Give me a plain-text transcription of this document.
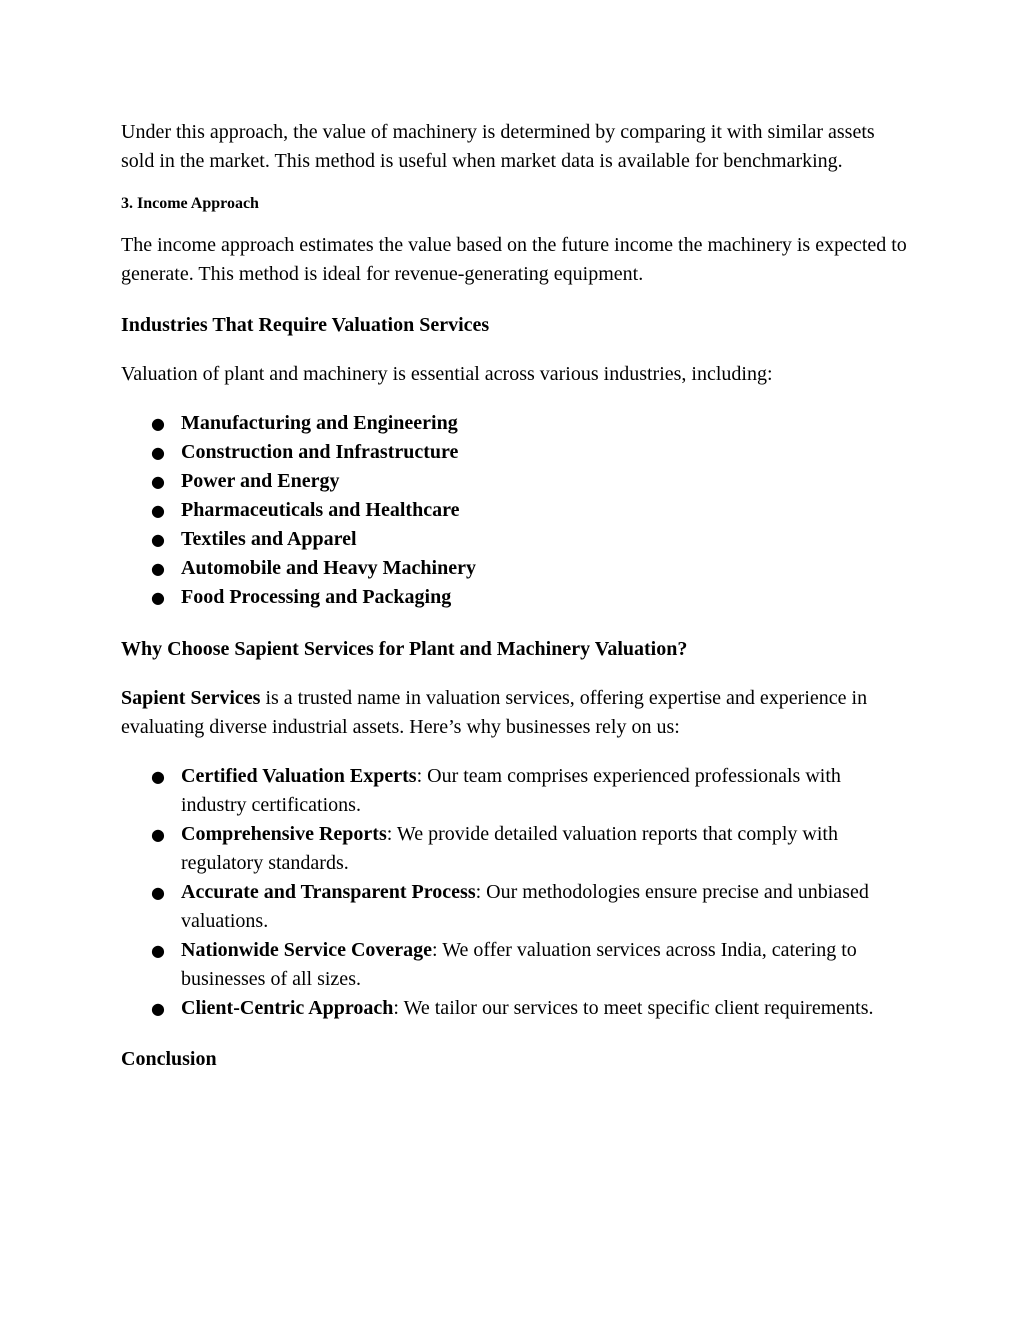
Under this approach, the value of machinery is determined by comparing it with similar assets sold in the market. This method is useful when market data is available for benchmarking.

3. Income Approach

The income approach estimates the value based on the future income the machinery is expected to generate. This method is ideal for revenue-generating equipment.

Industries That Require Valuation Services

Valuation of plant and machinery is essential across various industries, including:

● Manufacturing and Engineering
● Construction and Infrastructure
● Power and Energy
● Pharmaceuticals and Healthcare
● Textiles and Apparel
● Automobile and Heavy Machinery
● Food Processing and Packaging

Why Choose Sapient Services for Plant and Machinery Valuation?

Sapient Services is a trusted name in valuation services, offering expertise and experience in evaluating diverse industrial assets. Here’s why businesses rely on us:

● Certified Valuation Experts: Our team comprises experienced professionals with industry certifications.
● Comprehensive Reports: We provide detailed valuation reports that comply with regulatory standards.
● Accurate and Transparent Process: Our methodologies ensure precise and unbiased valuations.
● Nationwide Service Coverage: We offer valuation services across India, catering to businesses of all sizes.
● Client-Centric Approach: We tailor our services to meet specific client requirements.

Conclusion
